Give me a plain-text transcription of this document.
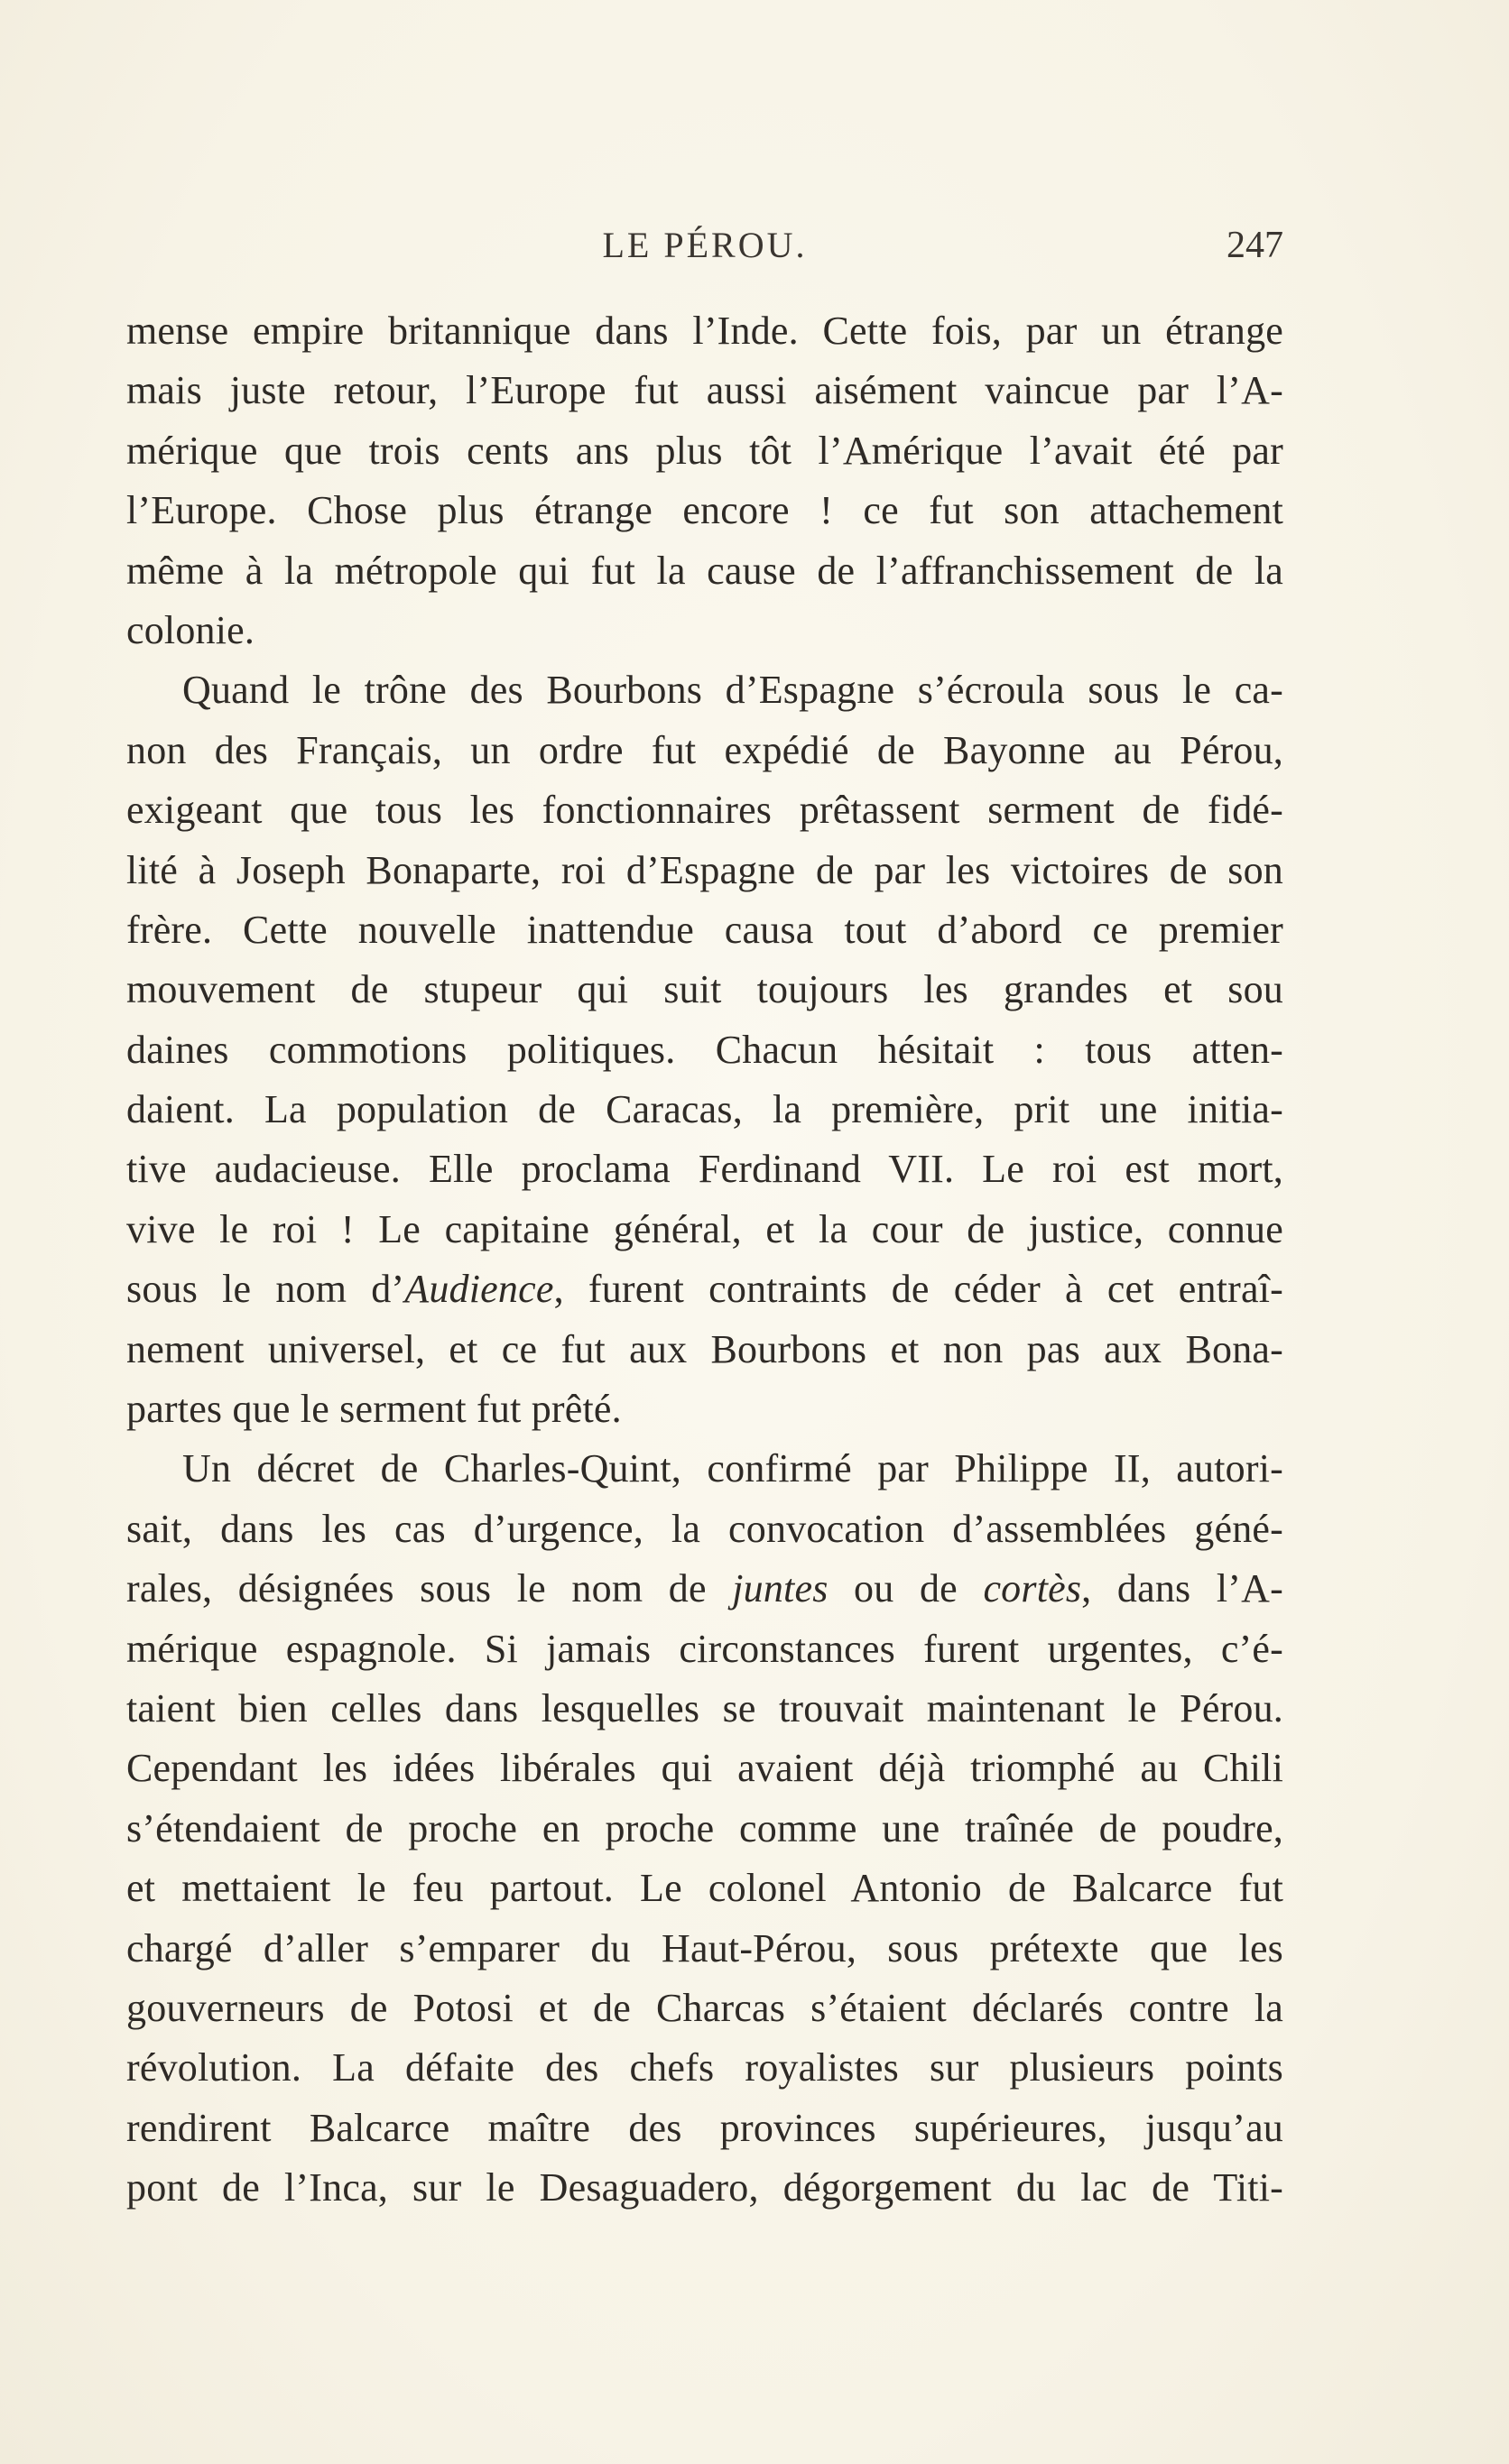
LE PÉROU.	247
mense empire britannique dans l’Inde. Cette fois, par un étrange
mais juste retour, l’Europe fut aussi aisément vaincue par l’A-
mérique que trois cents ans plus tôt l’Amérique l’avait été par
l’Europe. Chose plus étrange encore ! ce fut son attachement
même à la métropole qui fut la cause de l’affranchissement de la
colonie.
Quand le trône des Bourbons d’Espagne s’écroula sous le ca-
non des Français, un ordre fut expédié de Bayonne au Pérou,
exigeant que tous les fonctionnaires prêtassent serment de fidé-
lité à Joseph Bonaparte, roi d’Espagne de par les victoires de son
frère. Cette nouvelle inattendue causa tout d’abord ce premier
mouvement de stupeur qui suit toujours les grandes et sou
daines commotions politiques. Chacun hésitait : tous atten-
daient. La population de Caracas, la première, prit une initia-
tive audacieuse. Elle proclama Ferdinand VII. Le roi est mort,
vive le roi ! Le capitaine général, et la cour de justice, connue
sous le nom d’Audience, furent contraints de céder à cet entraî-
nement universel, et ce fut aux Bourbons et non pas aux Bona-
partes que le serment fut prêté.
Un décret de Charles-Quint, confirmé par Philippe II, autori-
sait, dans les cas d’urgence, la convocation d’assemblées géné-
rales, désignées sous le nom de juntes ou de cortès, dans l’A-
mérique espagnole. Si jamais circonstances furent urgentes, c’é-
taient bien celles dans lesquelles se trouvait maintenant le Pérou.
Cependant les idées libérales qui avaient déjà triomphé au Chili
s’étendaient de proche en proche comme une traînée de poudre,
et mettaient le feu partout. Le colonel Antonio de Balcarce fut
chargé d’aller s’emparer du Haut-Pérou, sous prétexte que les
gouverneurs de Potosi et de Charcas s’étaient déclarés contre la
révolution. La défaite des chefs royalistes sur plusieurs points
rendirent Balcarce maître des provinces supérieures, jusqu’au
pont de l’Inca, sur le Desaguadero, dégorgement du lac de Titi-
